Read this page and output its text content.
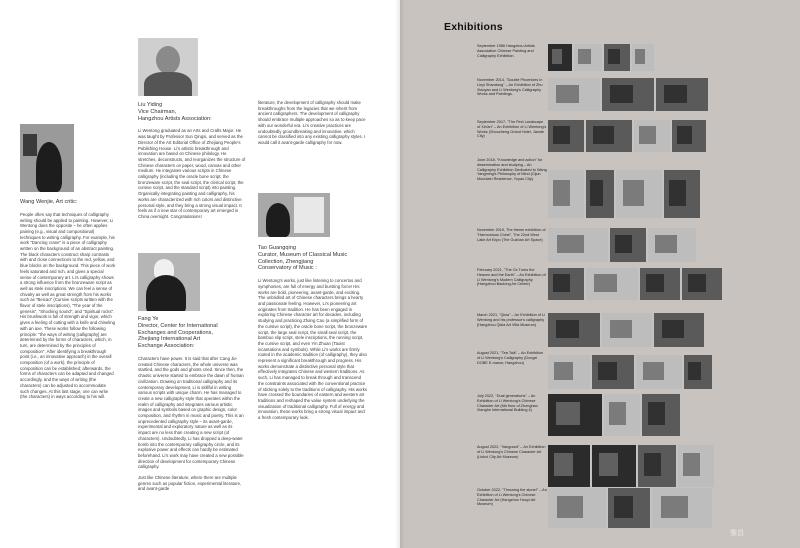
Wang Wenjie, Art critic:

People often say that techniques of calligraphy writing should be applied to painting. However, Li Wentong does the opposite – he often applies paining (e.g., visual and compositional) techniques to writing calligraphy. For example, his work "Dancing crane" is a piece of calligraphy written on the background of an abstract painting. The black characters construct sharp contrasts with and close connections to the red, yellow, and blue blocks on the background. This piece of work feels saturated and rich, and gives a special sense of contemporary art. Li's calligraphy shows a strong influence from the bronzeware script as well as stele inscriptions. We can feel a sense of chivalry as well as great strength from his works such as "Beicao" (Cursive scripts written with the flavor of stele inscriptions), "The year of the genesis", "Shocking sound", and "Spiritual rocks". His brushwork is full of strength and vigor, which gives a feeling of cutting with a knife and chiseling with an axe. These works follow the following principle: "the ways of writing [calligraphy] are determined by the forms of characters, which, in turn, are determined by the principles of composition". After identifying a breakthrough point (i.e., an innovative approach) in the overall composition (of a work), the principle of composition can be established; afterwards, the forms of characters can be adapted and changed accordingly, and the ways of writing (the characters) can be adjusted to accommodate such changes. At this last stage, one can write (the characters) in ways according to his will.

Liu Yiding
Vice Chairman,
Hangzhou Artists Association:

Li Wentong graduated as an Arts and Crafts Major. He was taught by Professor Sun Qingsi, and served as the Director of the Art Editorial Office of Zhejiang People's Publishing House. Li's artistic breakthrough and innovation are based on Chinese philology. He stretches, deconstructs, and reorganizes the structure of Chinese characters on paper, wood, canvas and other medium. He integrates various scripts in Chinese calligraphy (including the oracle bone script, the bronzeware script, the seal script, the clerical script, the cursive script, and the standard script) into painting. Organically integrating painting and calligraphy, his works are characterized with rich colors and distinctive personal style, and they bring a strong visual impact. It feels as if a new star of contemporary art emerged in China overnight. Congratulations!

Fang Ye
Director, Center for International
Exchanges and Cooperations,
Zhejiang International Art
Exchange Association:

Characters have power. It is said that after Cang Jie created Chinese characters, the whole universe was startled, and the gods and ghosts cried. Since then, the chaotic universe started to embrace the dawn of human civilization. Drawing on traditional calligraphy and its contemporary development, Li is skillful in writing various scripts with unique charm. He has managed to create a new calligraphy style that operates within the realm of calligraphy and integrates various artistic images and symbols based on graphic design, color composition, and rhythm in music and poetry. This is an unprecedented calligraphy style – its avant-garde, experimental and exploratory nature as well as its impact are no less than creating a new script (of characters). Undoubtedly, Li has dropped a deep-water bomb into the contemporary calligraphy circle, and its explosive power and effects can hardly be estimated beforehand. Li's work may have created a new possible direction of development for contemporary Chinese calligraphy.

Just like Chinese literature, where there are multiple genres such as popular fiction, experimental literature, and avant-garde

literature, the development of calligraphy should make breakthroughs from the legacies that we inherit from ancient calligraphers. The development of calligraphy should embrace multiple approaches so as to keep pace with our wonderful era. Li's creative practices are undoubtedly groundbreaking and innovative, which cannot be classified into any existing calligraphy styles. I would call it avant-garde calligraphy for now.

Tao Guangqing
Curator, Museum of Classical Music
Collection, Zhengjiang
Conservatory of Music :

Li Wentong's works, just like listening to concertos and symphonies, are full of energy and bursting force! His works are bold, pioneering, avant-garde, and exciting. The unbridled art of Chinese characters brings a hearty and passionate feeling. However, Li's pioneering art originates from tradition. He has been engaged in exploring Chinese character art for decades, including studying and practicing Zhang Cao (a simplified form of the cursive script), the oracle bone script, the bronzeware script, the large seal script, the small seal script, the bamboo slip script, stele inscriptions, the running script, the cursive script, and even Yin Zhuan (Taoist incantations and symbols). While Li's works are firmly rooted in the academic tradition (of calligraphy), they also represent a significant breakthrough and progress. His works demonstrate a distinctive personal style that effectively integrates Chinese and western traditions. As such, Li has managed to break through and transcend the constraints associated with the conventional practice of sticking solely to the traditions of calligraphy. His works have crossed the boundaries of eastern and western art traditions and reshaped the value system underlying the visualization of traditional calligraphy. Full of energy and innovation, these works bring a strong visual impact and a fresh contemporary look.

Exhibitions
September 1986 Hangzhou Artists Association Chinese Painting and Calligraphy Exhibition.
November 2014, "Double Phoenixes in Linyi Shandong" – An Exhibition of Zhu Xiaoyan and Li Wentong's Calligraphy Works and Paintings.
September 2017, "The First Landscape of Xin'an" – An Exhibition of Li Wentong's Works (Shoucheng Grand Hotel, Jiande City)
June 2018, "Knowledge and action" for dissemination and studying – An Calligraphy Exhibition Dedicated to Wang Yangming's Philosophy of Mind (Cijun Mountain Residence, Yuyao City)
November 2019, The theme exhibition of "Harmonious Chine", The 22nd West Lake Art Expo (The Gushan Art Space)
February 2021, "The Ox Turns the Heaven and the Earth" – An Exhibition of Li Wentong's Modern Calligraphy (Hangzhou Baolong Art Center)
March 2021, "Qixia" – An Exhibition of Li Wentong and his professor's calligraphy (Hangzhou Qixia Art Villa Museum)
August 2021, "Tea Talk" – An Exhibition of Li Wentong's Calligraphy (Dongxi DOBE E-manor, Hangzhou)
July 2022, "Dual generations" – An Exhibition of Li Wentong's Chinese Character Art (6th floor of Zhonghao Xianghe International Building 4)
August 2022, "Vanguard" – An Exhibition of Li Wentong's Chinese Character Art (Lishui City Art Museum)
October 2022, "Throwing the stone!" – An Exhibition of Li Wentong's Chinese Character Art (Hangzhou Houyi Art Museum)
雅昌
